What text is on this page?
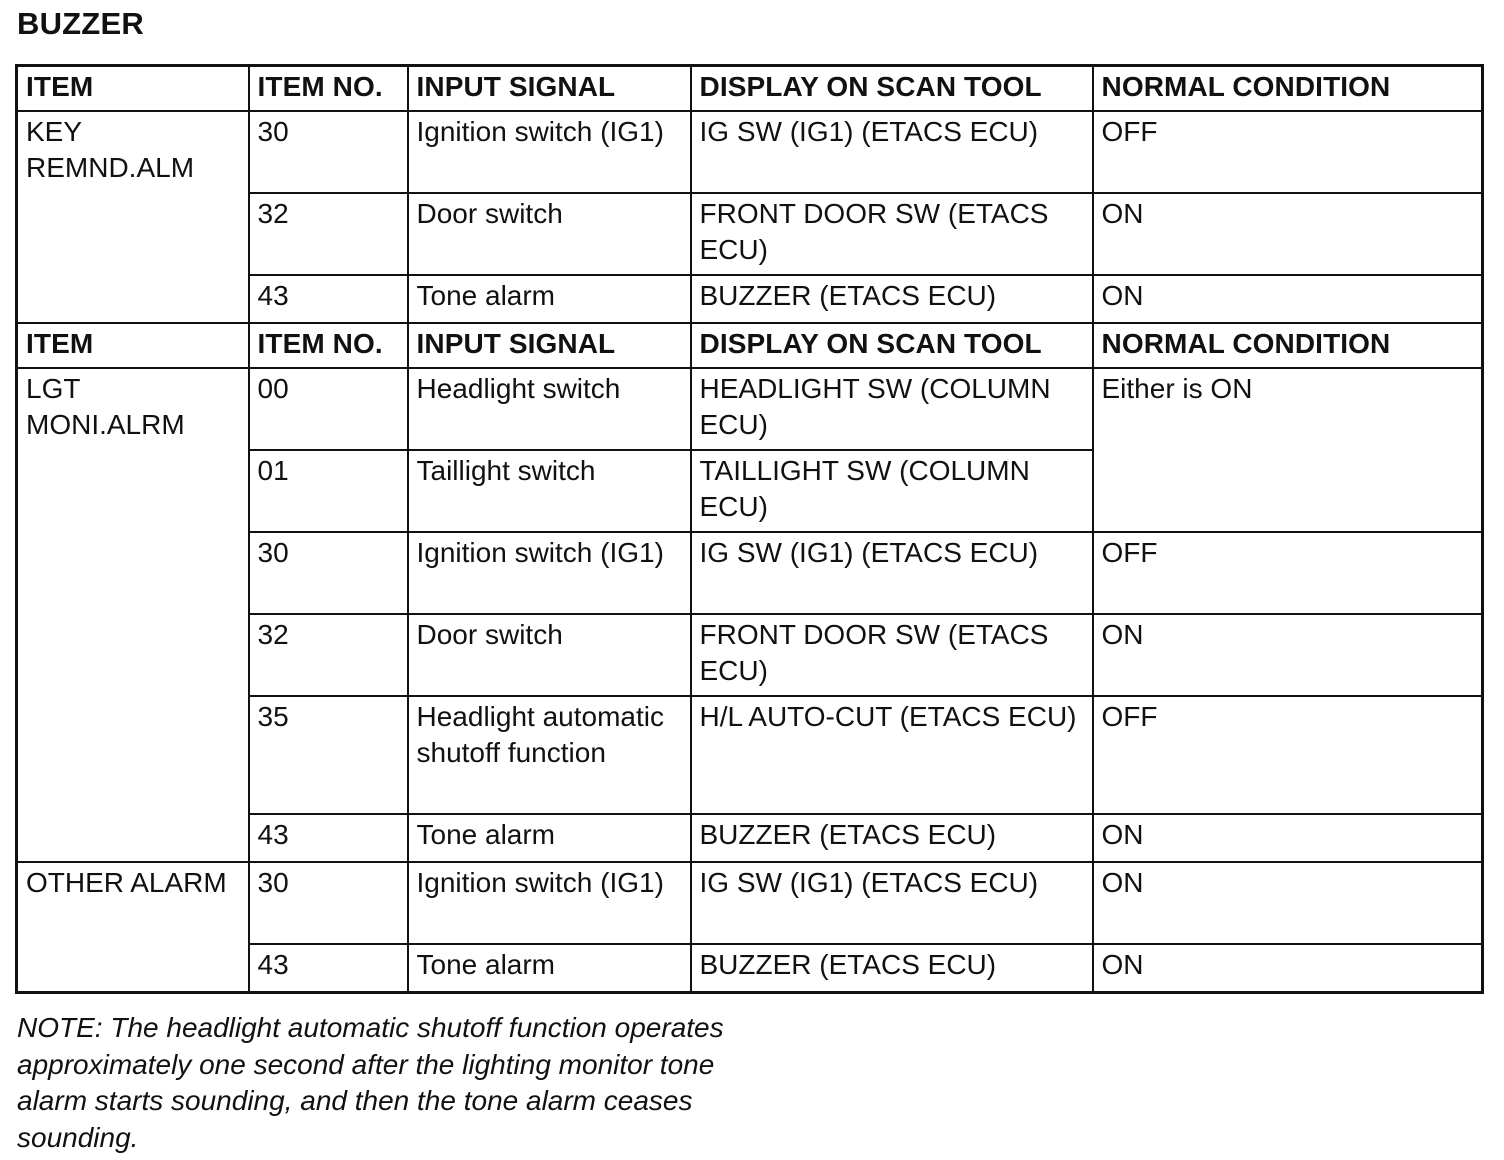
BUZZER
ITEM	ITEM NO.	INPUT SIGNAL	DISPLAY ON SCAN TOOL	NORMAL CONDITION
KEY REMND.ALM	30	Ignition switch (IG1)	IG SW (IG1) (ETACS ECU)	OFF
	32	Door switch	FRONT DOOR SW (ETACS ECU)	ON
	43	Tone alarm	BUZZER (ETACS ECU)	ON
ITEM	ITEM NO.	INPUT SIGNAL	DISPLAY ON SCAN TOOL	NORMAL CONDITION
LGT MONI.ALRM	00	Headlight switch	HEADLIGHT SW (COLUMN ECU)	Either is ON
	01	Taillight switch	TAILLIGHT SW (COLUMN ECU)	
	30	Ignition switch (IG1)	IG SW (IG1) (ETACS ECU)	OFF
	32	Door switch	FRONT DOOR SW (ETACS ECU)	ON
	35	Headlight automatic shutoff function	H/L AUTO-CUT (ETACS ECU)	OFF
	43	Tone alarm	BUZZER (ETACS ECU)	ON
OTHER ALARM	30	Ignition switch (IG1)	IG SW (IG1) (ETACS ECU)	ON
	43	Tone alarm	BUZZER (ETACS ECU)	ON
NOTE: The headlight automatic shutoff function operates approximately one second after the lighting monitor tone alarm starts sounding, and then the tone alarm ceases sounding.
